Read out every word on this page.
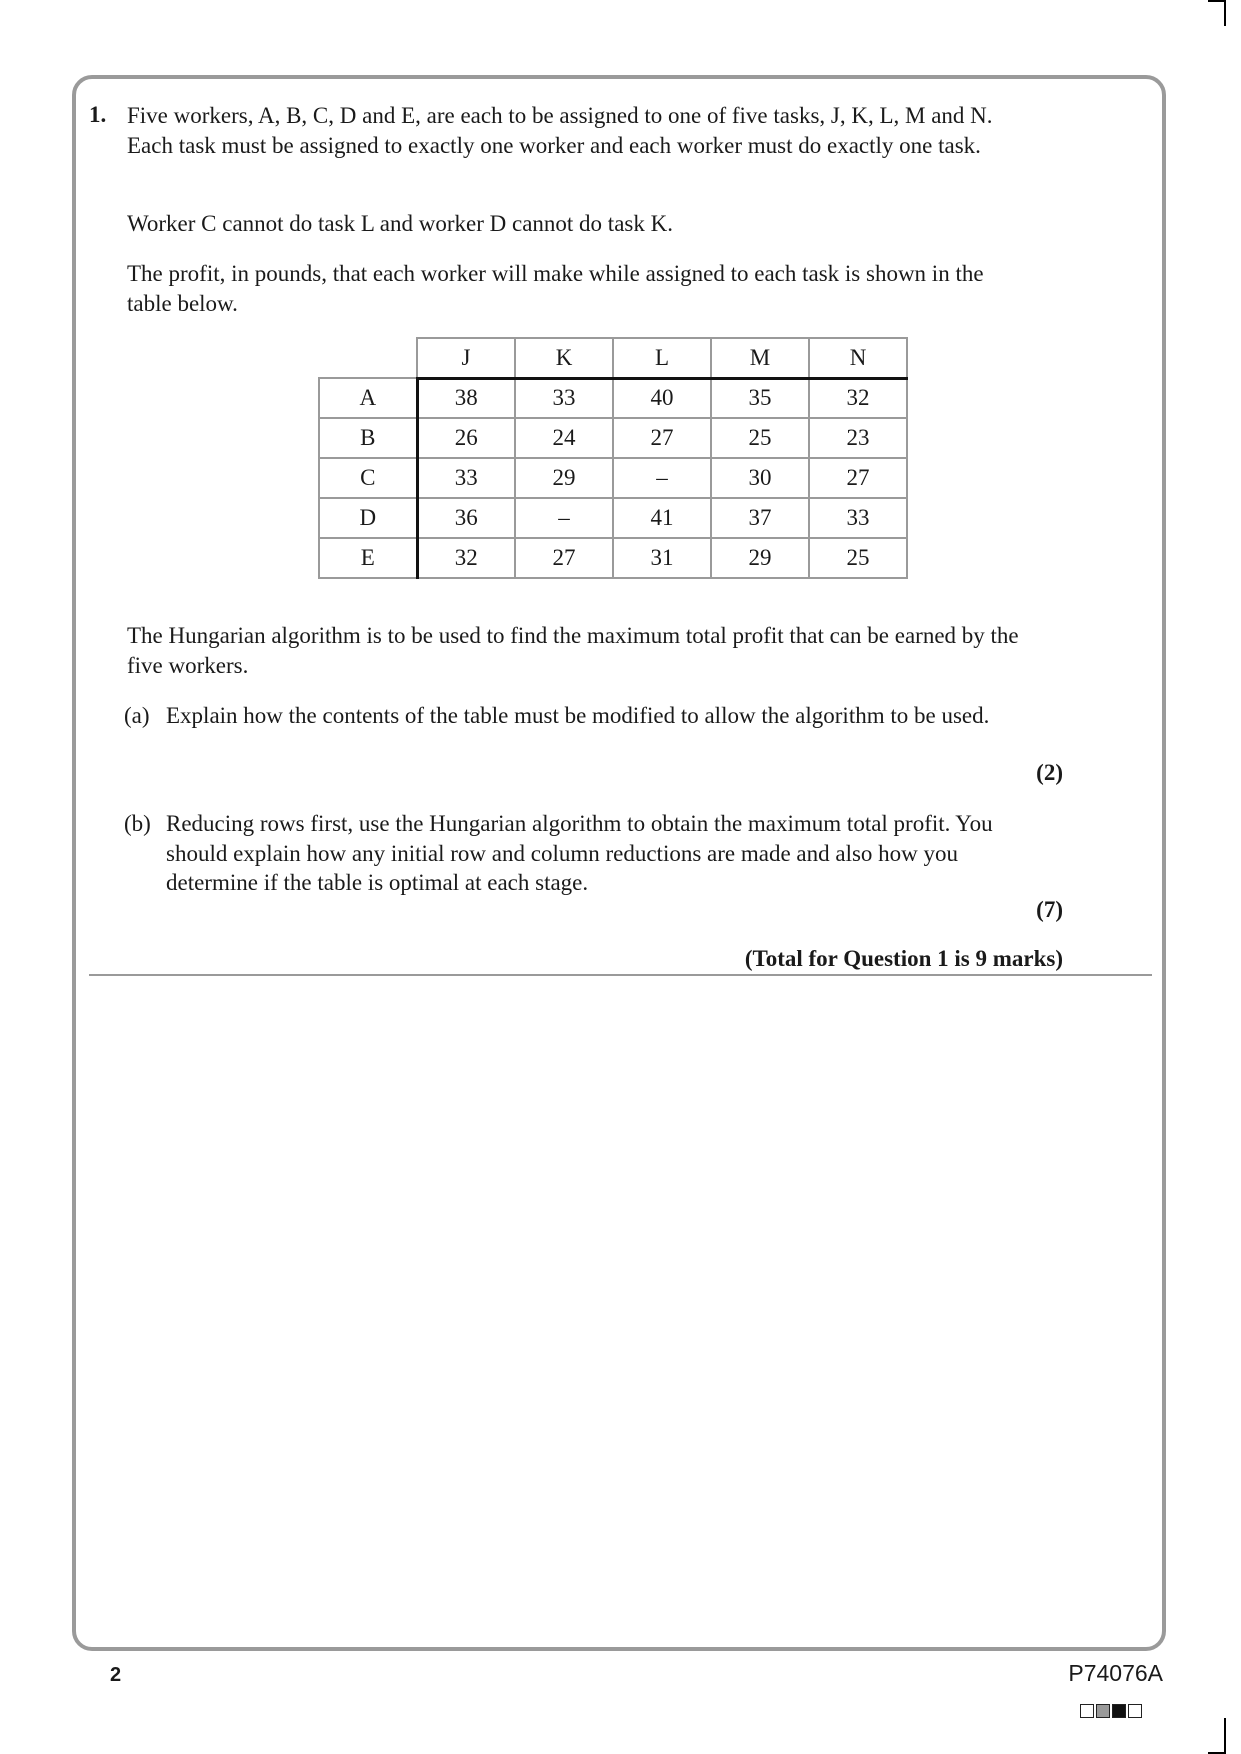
1. Five workers, A, B, C, D and E, are each to be assigned to one of five tasks, J, K, L, M and N. Each task must be assigned to exactly one worker and each worker must do exactly one task.

Worker C cannot do task L and worker D cannot do task K.

The profit, in pounds, that each worker will make while assigned to each task is shown in the table below.

	J	K	L	M	N
A	38	33	40	35	32
B	26	24	27	25	23
C	33	29	–	30	27
D	36	–	41	37	33
E	32	27	31	29	25

The Hungarian algorithm is to be used to find the maximum total profit that can be earned by the five workers.

(a) Explain how the contents of the table must be modified to allow the algorithm to be used.
(2)
(b) Reducing rows first, use the Hungarian algorithm to obtain the maximum total profit. You should explain how any initial row and column reductions are made and also how you determine if the table is optimal at each stage.
(7)
(Total for Question 1 is 9 marks)
2	P74076A
